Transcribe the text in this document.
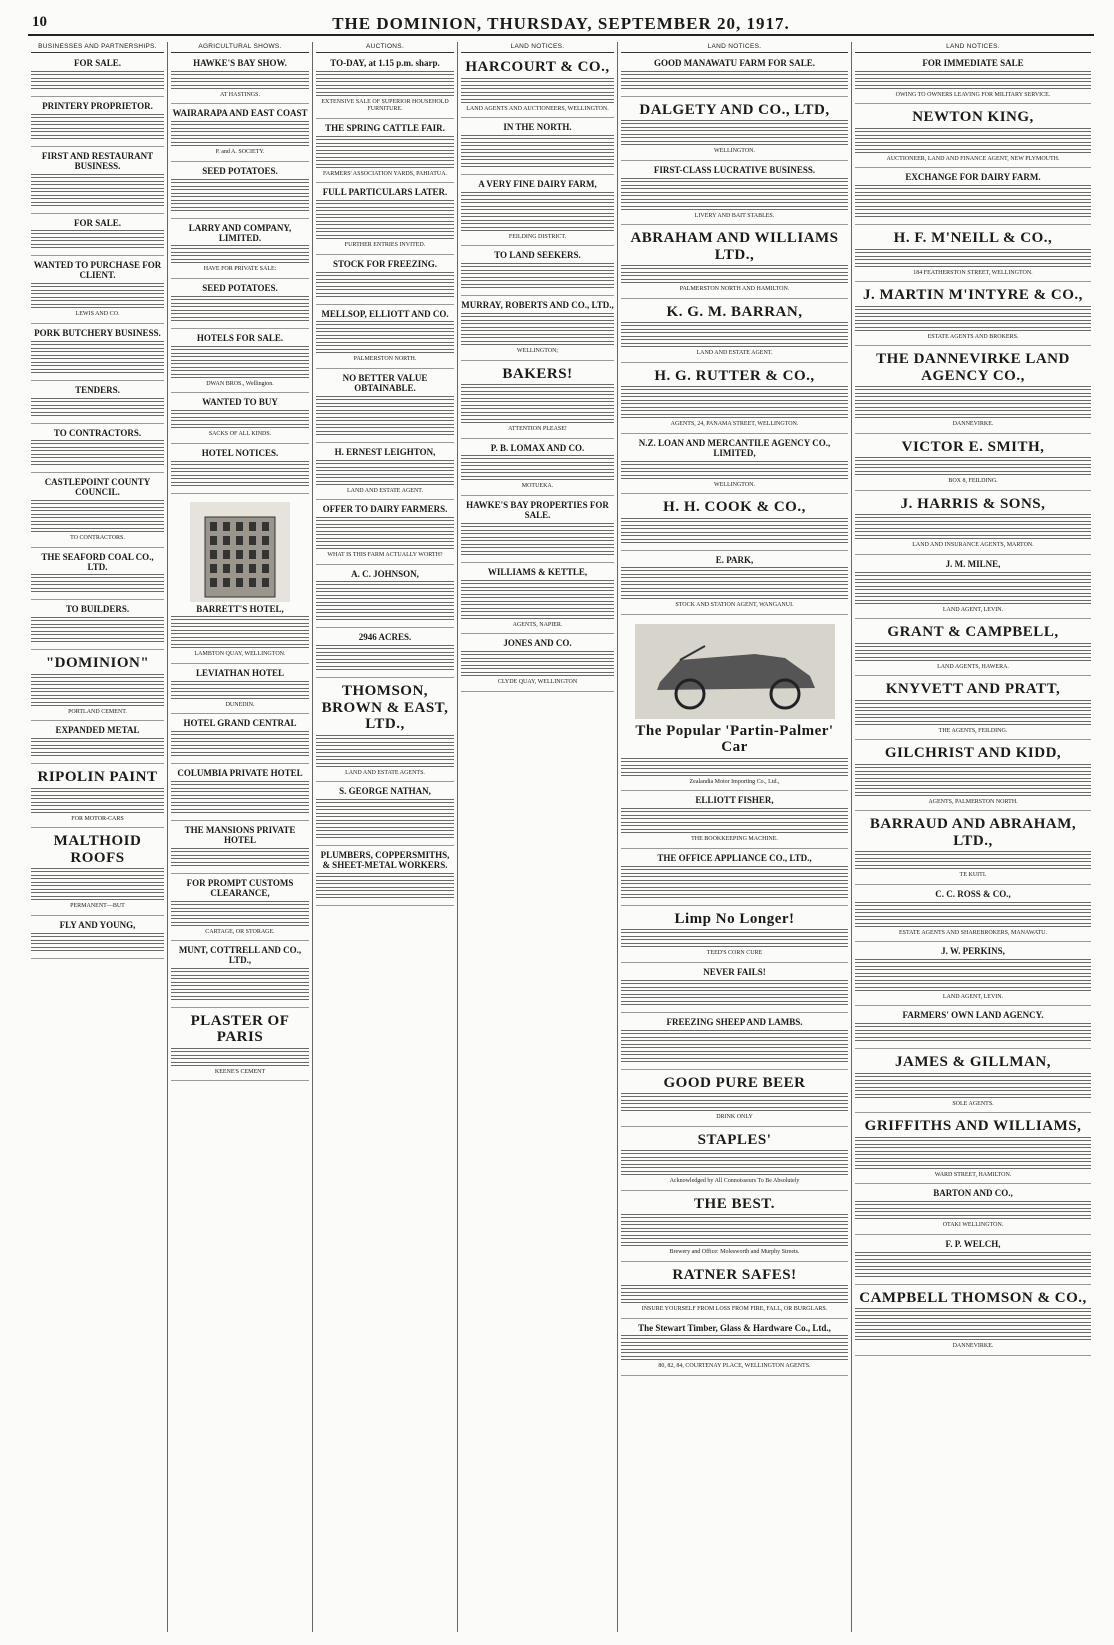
10	THE DOMINION, THURSDAY, SEPTEMBER 20, 1917.
BUSINESSES AND PARTNERSHIPS.
FOR SALE.
PRINTERY PROPRIETOR.
FIRST AND RESTAURANT BUSINESS.
FOR SALE.
WANTED TO PURCHASE FOR CLIENT.
LEWIS AND CO.
PORK BUTCHERY BUSINESS.
TENDERS.
TO CONTRACTORS.
CASTLEPOINT COUNTY COUNCIL.
TO CONTRACTORS.
THE SEAFORD COAL CO., LTD.
TO BUILDERS.
"DOMINION"
PORTLAND CEMENT.
EXPANDED METAL
RIPOLIN PAINT
FOR MOTOR-CARS
MALTHOID ROOFS
PERMANENT—BUT
FLY AND YOUNG,
AGRICULTURAL SHOWS.
HAWKE'S BAY SHOW.
AT HASTINGS.
WAIRARAPA AND EAST COAST
P. and A. SOCIETY.
SEED POTATOES.
LARRY AND COMPANY, LIMITED.
HAVE FOR PRIVATE SALE:
SEED POTATOES.
HOTELS FOR SALE.
DWAN BROS., Wellington.
WANTED TO BUY
SACKS OF ALL KINDS.
HOTEL NOTICES.
BARRETT'S HOTEL,
LAMBTON QUAY, WELLINGTON.
LEVIATHAN HOTEL
DUNEDIN.
HOTEL GRAND CENTRAL
COLUMBIA PRIVATE HOTEL
THE MANSIONS PRIVATE HOTEL
FOR PROMPT CUSTOMS CLEARANCE,
CARTAGE, OR STORAGE.
MUNT, COTTRELL AND CO., LTD.,
PLASTER OF PARIS
KEENE'S CEMENT
AUCTIONS.
TO-DAY, at 1.15 p.m. sharp.
EXTENSIVE SALE OF SUPERIOR HOUSEHOLD FURNITURE.
THE SPRING CATTLE FAIR.
FARMERS' ASSOCIATION YARDS, PAHIATUA.
FULL PARTICULARS LATER.
FURTHER ENTRIES INVITED.
STOCK FOR FREEZING.
MELLSOP, ELLIOTT AND CO.
PALMERSTON NORTH.
NO BETTER VALUE OBTAINABLE.
H. ERNEST LEIGHTON,
LAND AND ESTATE AGENT.
OFFER TO DAIRY FARMERS.
WHAT IS THIS FARM ACTUALLY WORTH?
A. C. JOHNSON,
2946 ACRES.
THOMSON, BROWN & EAST, LTD.,
LAND AND ESTATE AGENTS.
S. GEORGE NATHAN,
PLUMBERS, COPPERSMITHS, & SHEET-METAL WORKERS.
LAND NOTICES.
HARCOURT & CO.,
LAND AGENTS AND AUCTIONEERS, WELLINGTON.
IN THE NORTH.
A VERY FINE DAIRY FARM,
FEILDING DISTRICT.
TO LAND SEEKERS.
MURRAY, ROBERTS AND CO., LTD.,
WELLINGTON;
BAKERS!
ATTENTION PLEASE!
P. B. LOMAX AND CO.
MOTUEKA.
HAWKE'S BAY PROPERTIES FOR SALE.
WILLIAMS & KETTLE,
AGENTS, NAPIER.
JONES AND CO.
CLYDE QUAY, WELLINGTON
LAND NOTICES.
GOOD MANAWATU FARM FOR SALE.
DALGETY AND CO., LTD,
WELLINGTON.
FIRST-CLASS LUCRATIVE BUSINESS.
LIVERY AND BAIT STABLES.
ABRAHAM AND WILLIAMS LTD.,
PALMERSTON NORTH AND HAMILTON.
K. G. M. BARRAN,
LAND AND ESTATE AGENT.
H. G. RUTTER & CO.,
AGENTS, 24, PANAMA STREET, WELLINGTON.
N.Z. LOAN AND MERCANTILE AGENCY CO., LIMITED,
WELLINGTON.
H. H. COOK & CO.,
E. PARK,
STOCK AND STATION AGENT, WANGANUI.
The Popular 'Partin-Palmer' Car
Zealandia Motor Importing Co., Ltd.,
ELLIOTT FISHER,
THE BOOKKEEPING MACHINE.
THE OFFICE APPLIANCE CO., LTD.,
Limp No Longer!
TEED'S CORN CURE
NEVER FAILS!
FREEZING SHEEP AND LAMBS.
GOOD PURE BEER
DRINK ONLY
STAPLES'
Acknowledged by All Connoisseurs To Be Absolutely
THE BEST.
Brewery and Office: Molesworth and Murphy Streets.
RATNER SAFES!
INSURE YOURSELF FROM LOSS FROM FIRE, FALL, OR BURGLARS.
The Stewart Timber, Glass & Hardware Co., Ltd.,
80, 82, 84, COURTENAY PLACE, WELLINGTON AGENTS.
LAND NOTICES.
FOR IMMEDIATE SALE
OWING TO OWNERS LEAVING FOR MILITARY SERVICE.
NEWTON KING,
AUCTIONEER, LAND AND FINANCE AGENT, NEW PLYMOUTH.
EXCHANGE FOR DAIRY FARM.
H. F. M'NEILL & CO.,
184 FEATHERSTON STREET, WELLINGTON.
J. MARTIN M'INTYRE & CO.,
ESTATE AGENTS AND BROKERS.
THE DANNEVIRKE LAND AGENCY CO.,
DANNEVIRKE.
VICTOR E. SMITH,
BOX 8, FEILDING.
J. HARRIS & SONS,
LAND AND INSURANCE AGENTS, MARTON.
J. M. MILNE,
LAND AGENT, LEVIN.
GRANT & CAMPBELL,
LAND AGENTS, HAWERA.
KNYVETT AND PRATT,
THE AGENTS, FEILDING.
GILCHRIST AND KIDD,
AGENTS, PALMERSTON NORTH.
BARRAUD AND ABRAHAM, LTD.,
TE KUITI.
C. C. ROSS & CO.,
ESTATE AGENTS AND SHAREBROKERS, MANAWATU.
J. W. PERKINS,
LAND AGENT, LEVIN.
FARMERS' OWN LAND AGENCY.
JAMES & GILLMAN,
SOLE AGENTS.
GRIFFITHS AND WILLIAMS,
WARD STREET, HAMILTON.
BARTON AND CO.,
OTAKI WELLINGTON.
F. P. WELCH,
CAMPBELL THOMSON & CO.,
DANNEVIRKE.
